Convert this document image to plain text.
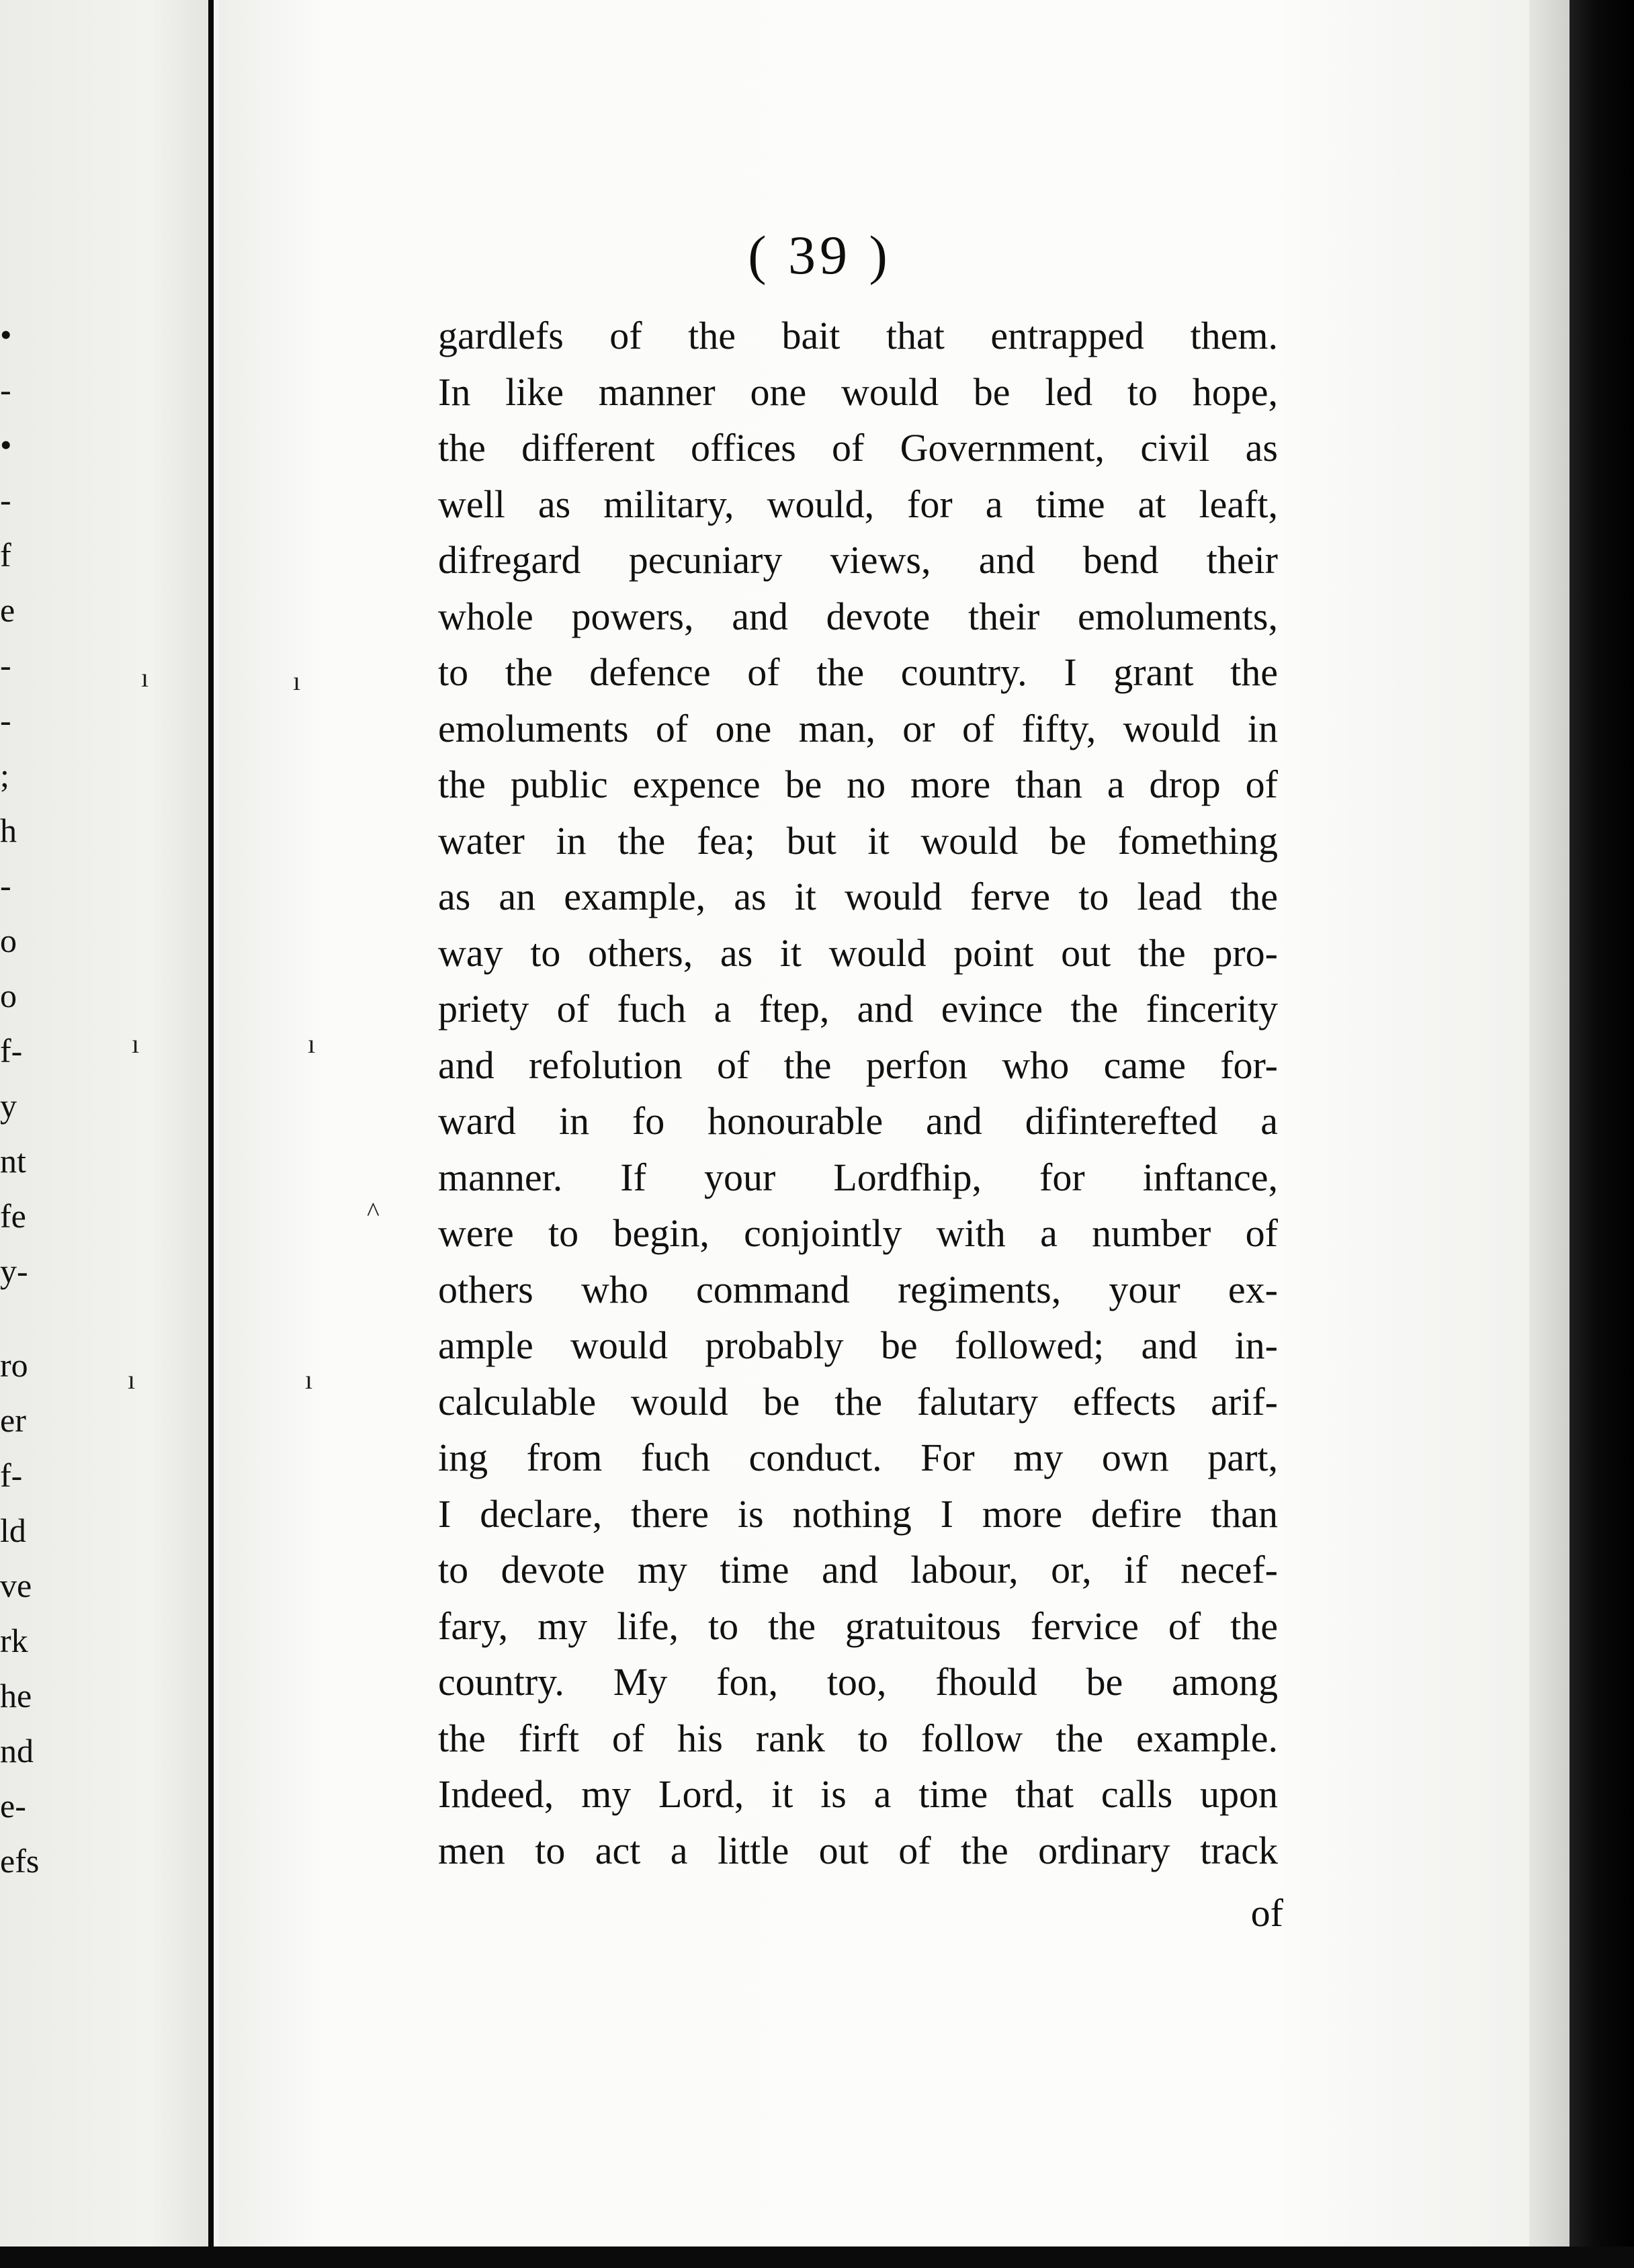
•
-
•
-
f
e
-
-
;
h
-
o
o
f-
y
nt
fe
y-
ro
er
f-
ld
ve
rk
he
nd
e-
efs
ı	ı
ı	ı
^
ı	ı
( 39 )
gardlefs of the bait that entrapped them.
In like manner one would be led to hope,
the different offices of Government, civil as
well as military, would, for a time at leaft,
difregard pecuniary views, and bend their
whole powers, and devote their emoluments,
to the defence of the country. I grant the
emoluments of one man, or of fifty, would in
the public expence be no more than a drop of
water in the fea; but it would be fomething
as an example, as it would ferve to lead the
way to others, as it would point out the pro-
priety of fuch a ftep, and evince the fincerity
and refolution of the perfon who came for-
ward in fo honourable and difinterefted a
manner. If your Lordfhip, for inftance,
were to begin, conjointly with a number of
others who command regiments, your ex-
ample would probably be followed; and in-
calculable would be the falutary effects arif-
ing from fuch conduct. For my own part,
I declare, there is nothing I more defire than
to devote my time and labour, or, if necef-
fary, my life, to the gratuitous fervice of the
country. My fon, too, fhould be among
the firft of his rank to follow the example.
Indeed, my Lord, it is a time that calls upon
men to act a little out of the ordinary track
of
